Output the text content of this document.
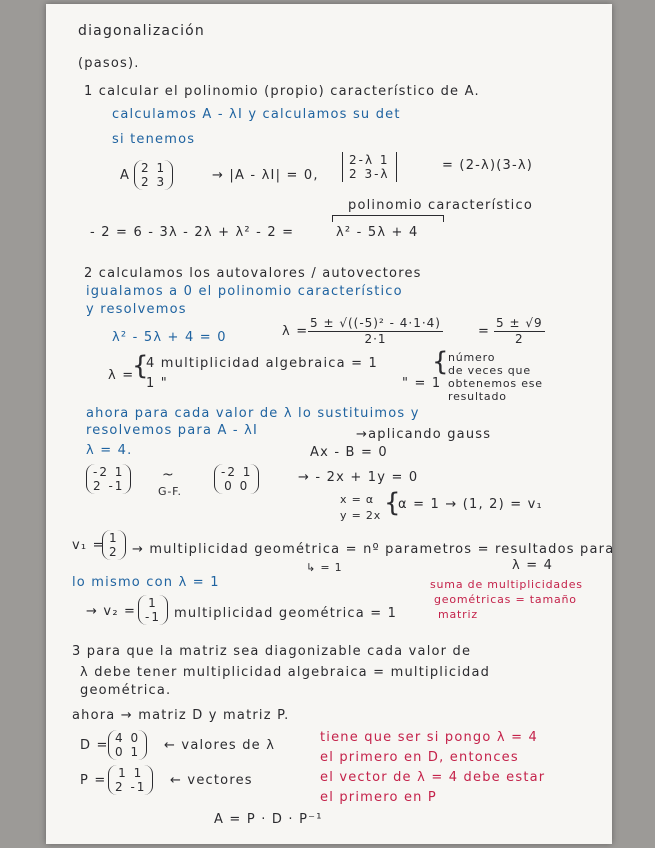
diagonalización
(pasos).
1 calcular el polinomio (propio) característico de A.
calculamos A - λI y calculamos su det
si tenemos
A 2 1
2 3	→ |A - λI| = 0,
2-λ 1
2 3-λ
= (2-λ)(3-λ)
polinomio característico
- 2 = 6 - 3λ - 2λ + λ² - 2 =	λ² - 5λ + 4
2 calculamos los autovalores / autovectores
igualamos a 0 el polinomio característico
y resolvemos
λ² - 5λ + 4 = 0	$\lambda = \frac{\text{5 ± √((-5)² - 4·1·4)}}{2\cdot 1}$	= $\frac{5 \pm √9}{2}$
λ =
{
4 multiplicidad algebraica = 1
1 "	" = 1
{ número
de veces que
obtenemos ese
resultado
ahora para cada valor de λ lo sustituimos y
resolvemos para A - λI	→aplicando gauss
λ = 4.	Ax - B = 0
-2 1
2 -1
~
G-F.
-2 1
0 0
→ - 2x + 1y = 0
x = α
y = 2x {
α = 1 → (1, 2) = v₁
v₁ = 1
2 → multiplicidad geométrica = nº parametros = resultados para
λ = 4
↳ = 1
lo mismo con λ = 1
→ v₂ =
1
-1 multiplicidad geométrica = 1
suma de multiplicidades
geométricas = tamaño
matriz
3 para que la matriz sea diagonizable cada valor de
λ debe tener multiplicidad algebraica = multiplicidad
geométrica.
ahora → matriz D y matriz P.
D = 4 0
0 1 ← valores de λ
P = 1 1
2 -1 ← vectores
tiene que ser si pongo λ = 4
el primero en D, entonces
el vector de λ = 4 debe estar
el primero en P
A = P · D · P⁻¹
